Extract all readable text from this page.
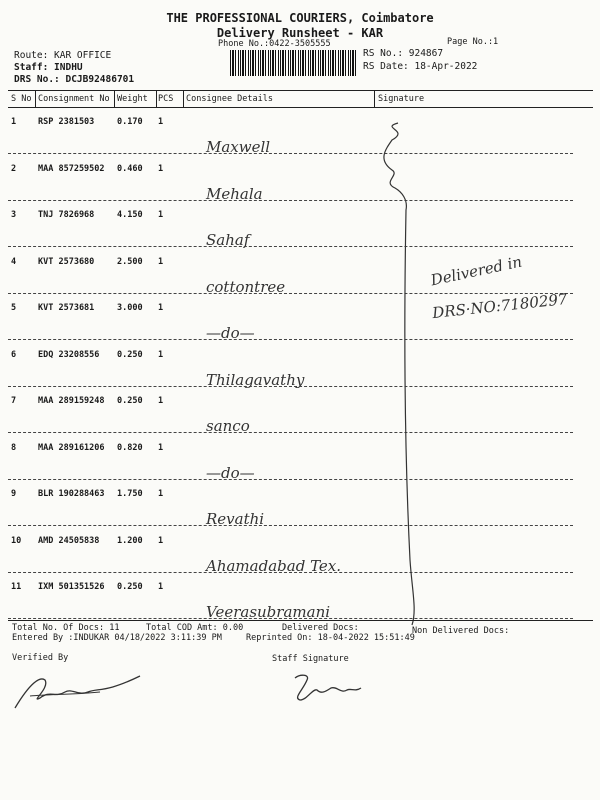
THE PROFESSIONAL COURIERS, Coimbatore
Delivery Runsheet - KAR
Phone No.:0422-3505555	Page No.:1
RS No.: 924867
RS Date: 18-Apr-2022
Route: KAR OFFICE
Staff: INDHU
DRS No.: DCJB92486701
S No Consignment No Weight PCS Consignee Details	Signature
1	RSP 2381503	0.170 1
Maxwell
2	MAA 857259502 0.460 1
Mehala
3	TNJ 7826968	4.150 1
Sahaf
4	KVT 2573680	2.500 1
cottontree
5	KVT 2573681	3.000 1
—do—
6	EDQ 23208556 0.250 1
Thilagavathy
7	MAA 289159248 0.250 1
sanco
8	MAA 289161206 0.820 1
—do—
9	BLR 190288463 1.750 1
Revathi
10 AMD 24505838 1.200 1
Ahamadabad Tex.
11 IXM 501351526 0.250 1
Veerasubramani
Delivered in
DRS·NO:7180297
Total No. Of Docs: 11	Total COD Amt: 0.00	Delivered Docs:	Non Delivered Docs:
Entered By :INDUKAR 04/18/2022 3:11:39 PM	Reprinted On: 18-04-2022 15:51:49
Verified By	Staff Signature
